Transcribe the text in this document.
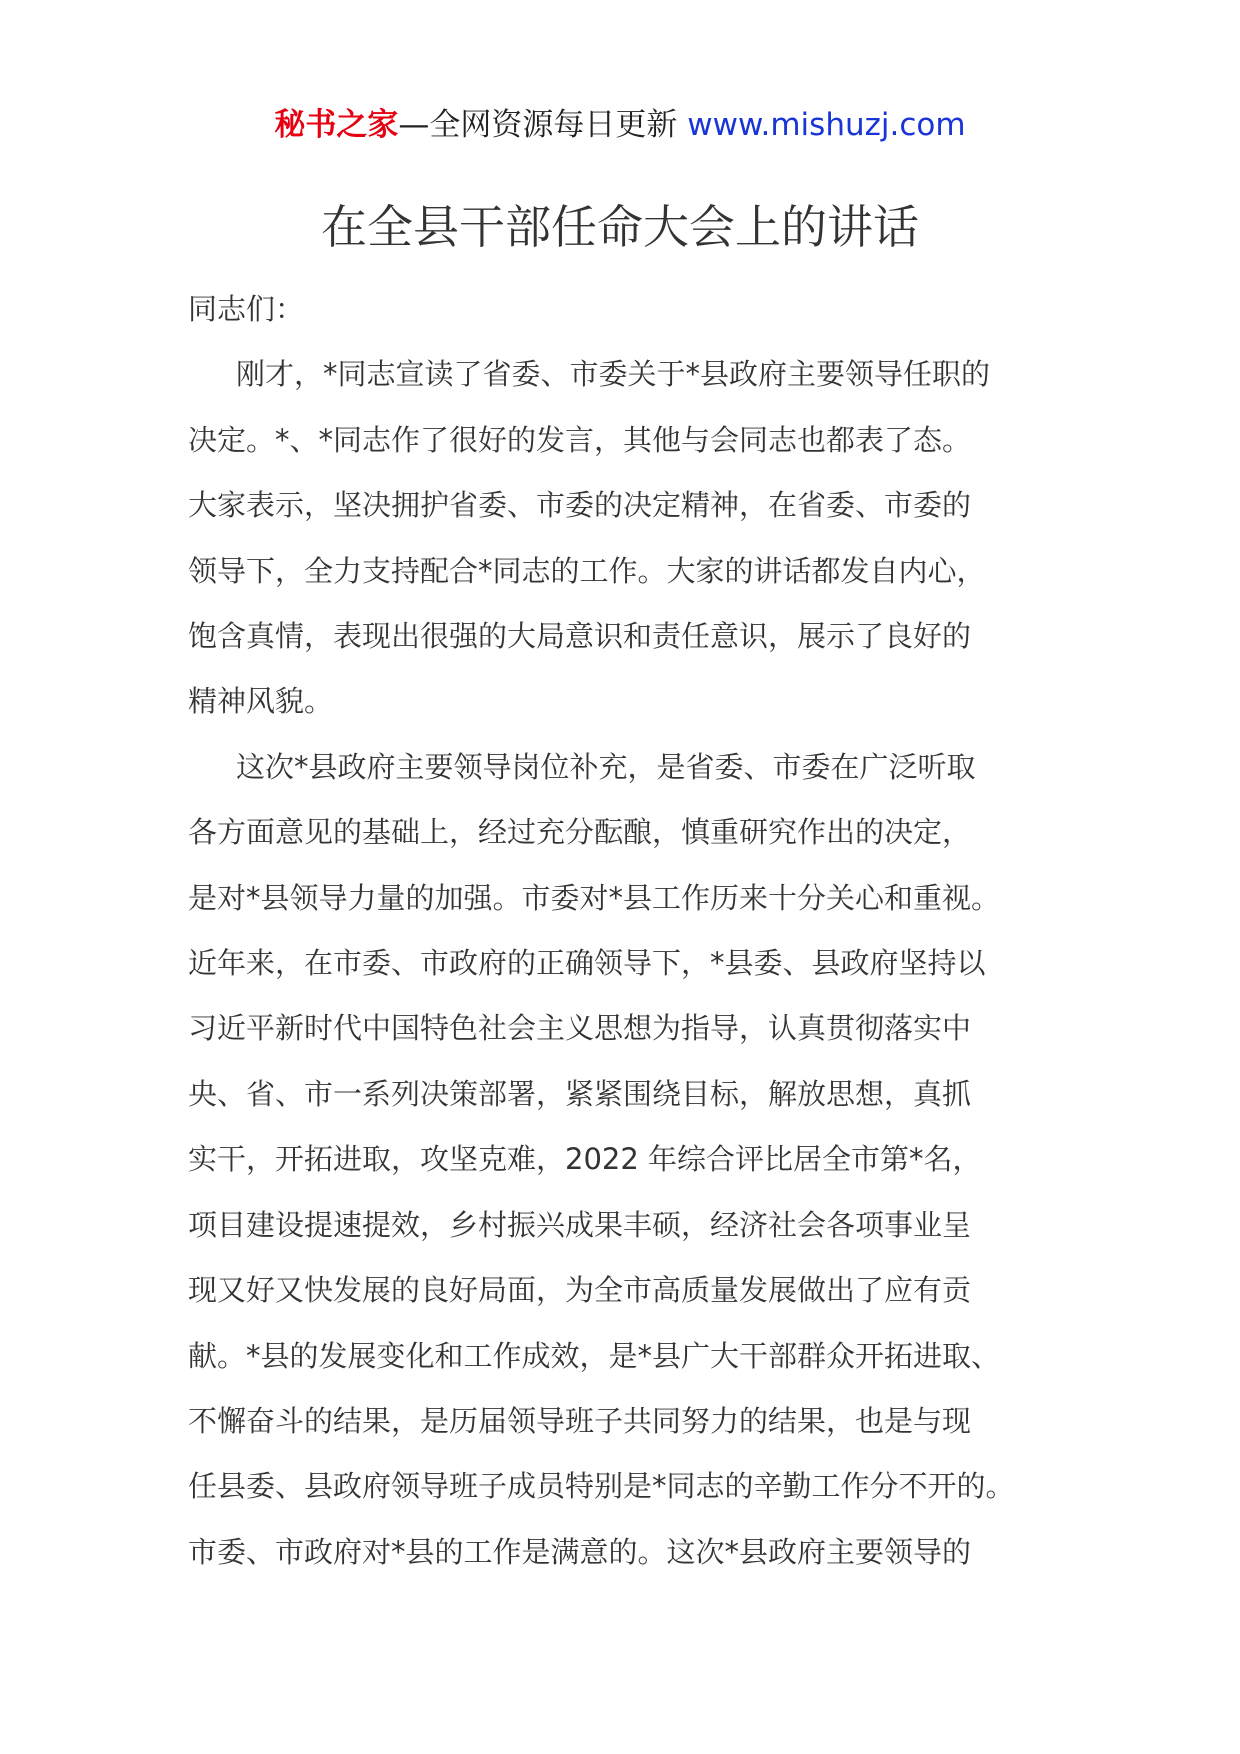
秘书之家—全网资源每日更新 www.mishuzj.com
在全县干部任命大会上的讲话

同志们：

刚才，*同志宣读了省委、市委关于*县政府主要领导任职的
决定。*、*同志作了很好的发言，其他与会同志也都表了态。
大家表示，坚决拥护省委、市委的决定精神，在省委、市委的
领导下，全力支持配合*同志的工作。大家的讲话都发自内心，
饱含真情，表现出很强的大局意识和责任意识，展示了良好的
精神风貌。

这次*县政府主要领导岗位补充，是省委、市委在广泛听取
各方面意见的基础上，经过充分酝酿，慎重研究作出的决定，
是对*县领导力量的加强。市委对*县工作历来十分关心和重视。
近年来，在市委、市政府的正确领导下，*县委、县政府坚持以
习近平新时代中国特色社会主义思想为指导，认真贯彻落实中
央、省、市一系列决策部署，紧紧围绕目标，解放思想，真抓
实干，开拓进取，攻坚克难，2022 年综合评比居全市第*名，
项目建设提速提效，乡村振兴成果丰硕，经济社会各项事业呈
现又好又快发展的良好局面，为全市高质量发展做出了应有贡
献。*县的发展变化和工作成效，是*县广大干部群众开拓进取、
不懈奋斗的结果，是历届领导班子共同努力的结果，也是与现
任县委、县政府领导班子成员特别是*同志的辛勤工作分不开的。
市委、市政府对*县的工作是满意的。这次*县政府主要领导的
